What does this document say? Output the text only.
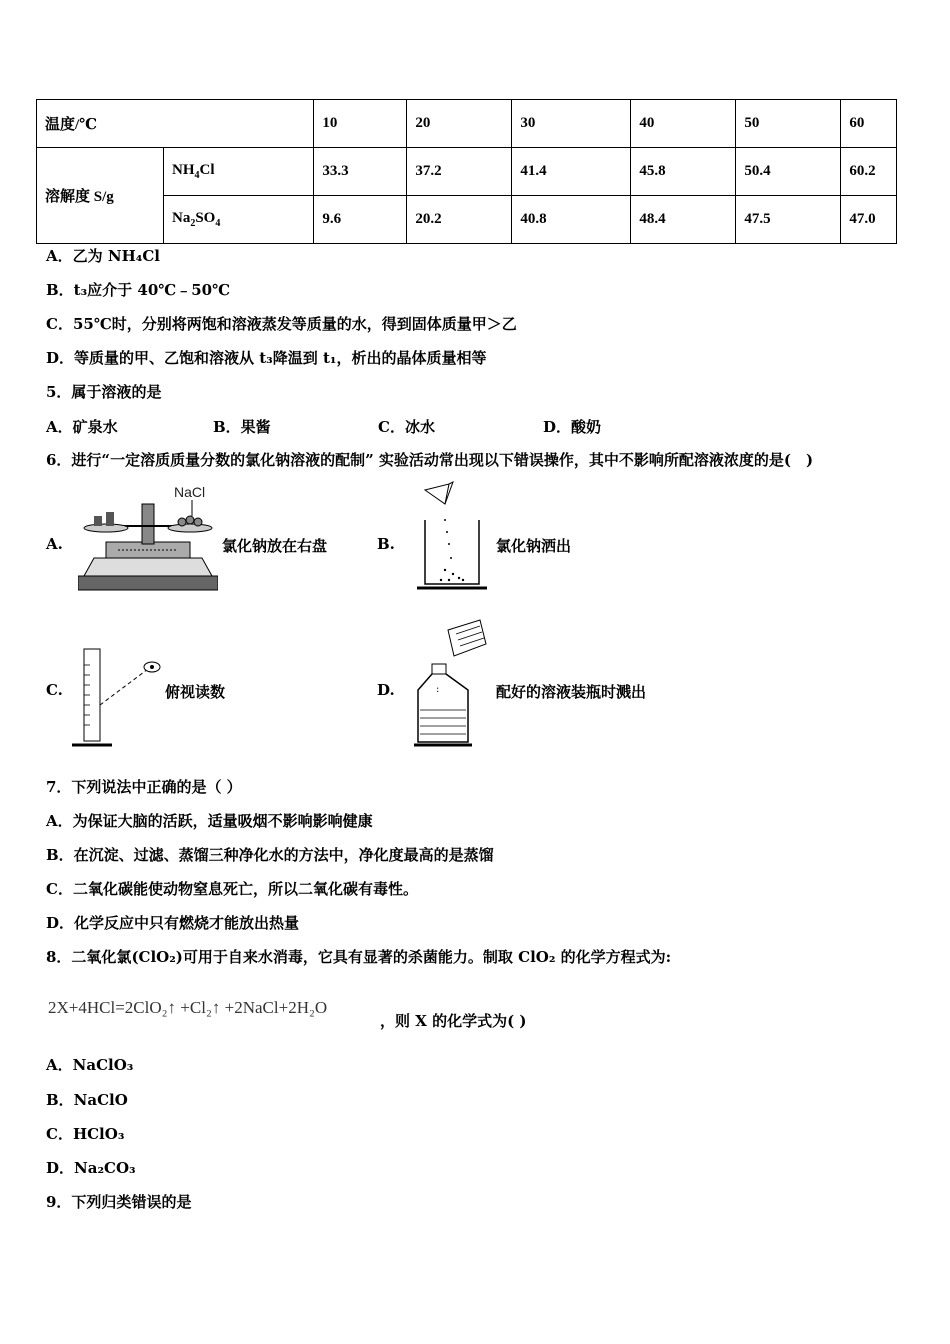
温度/℃		10	20	30	40	50	60
溶解度 S/g	$NH_4Cl$	33.3	37.2	41.4	45.8	50.4	60.2
	$Na_2SO_4$	9.6	20.2	40.8	48.4	47.5	47.0
A．乙为 NH₄Cl
B．t₃应介于 40℃﹣50℃
C．55℃时，分别将两饱和溶液蒸发等质量的水，得到固体质量甲＞乙
D．等质量的甲、乙饱和溶液从 t₃降温到 t₁，析出的晶体质量相等
5．属于溶液的是
A．矿泉水	B．果酱	C．冰水	D．酸奶
6．进行“一定溶质质量分数的氯化钠溶液的配制” 实验活动常出现以下错误操作，其中不影响所配溶液浓度的是(　)
A.
NaCl
氯化钠放在右盘	B.	氯化钠洒出
C.	俯视读数	D.	:	配好的溶液装瓶时溅出
7．下列说法中正确的是（ ）
A．为保证大脑的活跃，适量吸烟不影响影响健康
B．在沉淀、过滤、蒸馏三种净化水的方法中，净化度最高的是蒸馏
C．二氧化碳能使动物窒息死亡，所以二氧化碳有毒性。
D．化学反应中只有燃烧才能放出热量
8．二氧化氯(ClO₂)可用于自来水消毒，它具有显著的杀菌能力。制取 ClO₂ 的化学方程式为:
2X+4HCl=2ClO₂↑ +Cl₂↑ +2NaCl+2H₂O
，则 X 的化学式为( )
A．NaClO₃
B．NaClO
C．HClO₃
D．Na₂CO₃
9．下列归类错误的是
